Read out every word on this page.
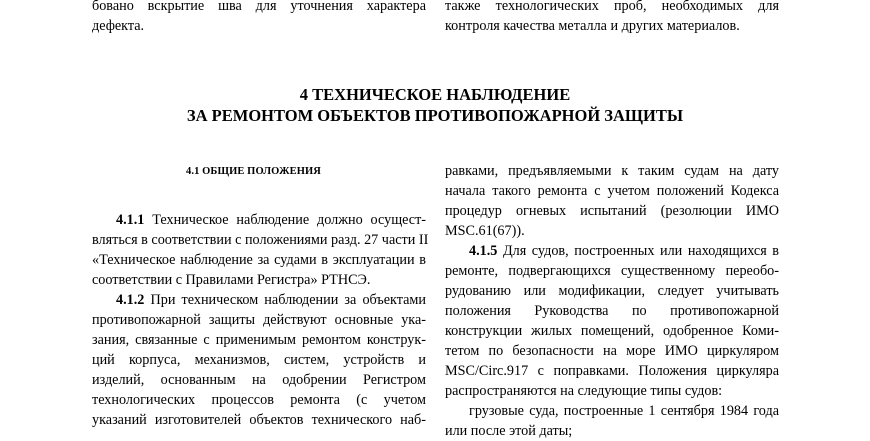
бовано вскрытие шва для уточнения характера
дефекта.
также технологических проб, необходимых для
контроля качества металла и других материалов.
4 ТЕХНИЧЕСКОЕ НАБЛЮДЕНИЕ
ЗА РЕМОНТОМ ОБЪЕКТОВ ПРОТИВОПОЖАРНОЙ ЗАЩИТЫ
4.1 ОБЩИЕ ПОЛОЖЕНИЯ
4.1.1 Техническое наблюдение должно осущест-
вляться в соответствии с положениями разд. 27 части II
«Техническое наблюдение за судами в эксплуатации в
соответствии с Правилами Регистра» РТНСЭ.
4.1.2 При техническом наблюдении за объектами
противопожарной защиты действуют основные ука-
зания, связанные с применимым ремонтом конструк-
ций корпуса, механизмов, систем, устройств и
изделий, основанным на одобрении Регистром
технологических процессов ремонта (с учетом
указаний изготовителей объектов технического наб-
равками, предъявляемыми к таким судам на дату
начала такого ремонта с учетом положений Кодекса
процедур огневых испытаний (резолюции ИМО
MSC.61(67)).
4.1.5 Для судов, построенных или находящихся в
ремонте, подвергающихся существенному переобо-
рудованию или модификации, следует учитывать
положения Руководства по противопожарной
конструкции жилых помещений, одобренное Коми-
тетом по безопасности на море ИМО циркуляром
MSC/Circ.917 с поправками. Положения циркуляра
распространяются на следующие типы судов:
грузовые суда, построенные 1 сентября 1984 года
или после этой даты;
